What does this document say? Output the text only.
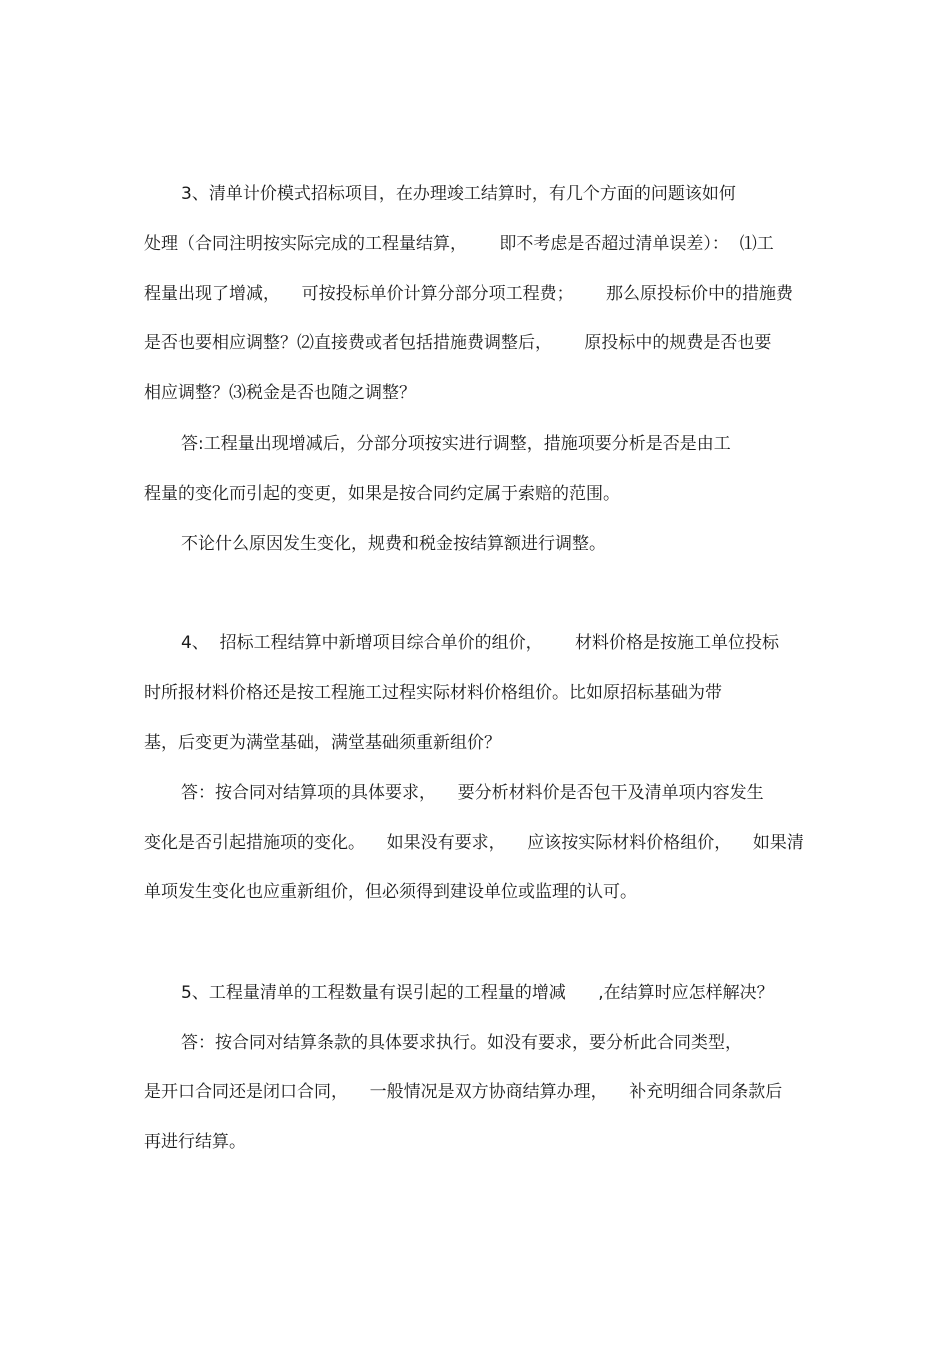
3、清单计价模式招标项目，在办理竣工结算时，有几个方面的问题该如何

处理（合同注明按实际完成的工程量结算，      即不考虑是否超过清单误差）：  ⑴工

程量出现了增减，    可按投标单价计算分部分项工程费；      那么原投标价中的措施费

是否也要相应调整？⑵直接费或者包括措施费调整后，      原投标中的规费是否也要

相应调整？⑶税金是否也随之调整？

答:工程量出现增减后，分部分项按实进行调整，措施项要分析是否是由工

程量的变化而引起的变更，如果是按合同约定属于索赔的范围。

不论什么原因发生变化，规费和税金按结算额进行调整。

4、  招标工程结算中新增项目综合单价的组价，      材料价格是按施工单位投标

时所报材料价格还是按工程施工过程实际材料价格组价。比如原招标基础为带

基，后变更为满堂基础，满堂基础须重新组价？

答：按合同对结算项的具体要求，    要分析材料价是否包干及清单项内容发生

变化是否引起措施项的变化。    如果没有要求，    应该按实际材料价格组价，    如果清

单项发生变化也应重新组价，但必须得到建设单位或监理的认可。

5、工程量清单的工程数量有误引起的工程量的增减      ,在结算时应怎样解决？

答：按合同对结算条款的具体要求执行。如没有要求，要分析此合同类型，

是开口合同还是闭口合同，    一般情况是双方协商结算办理，    补充明细合同条款后

再进行结算。
